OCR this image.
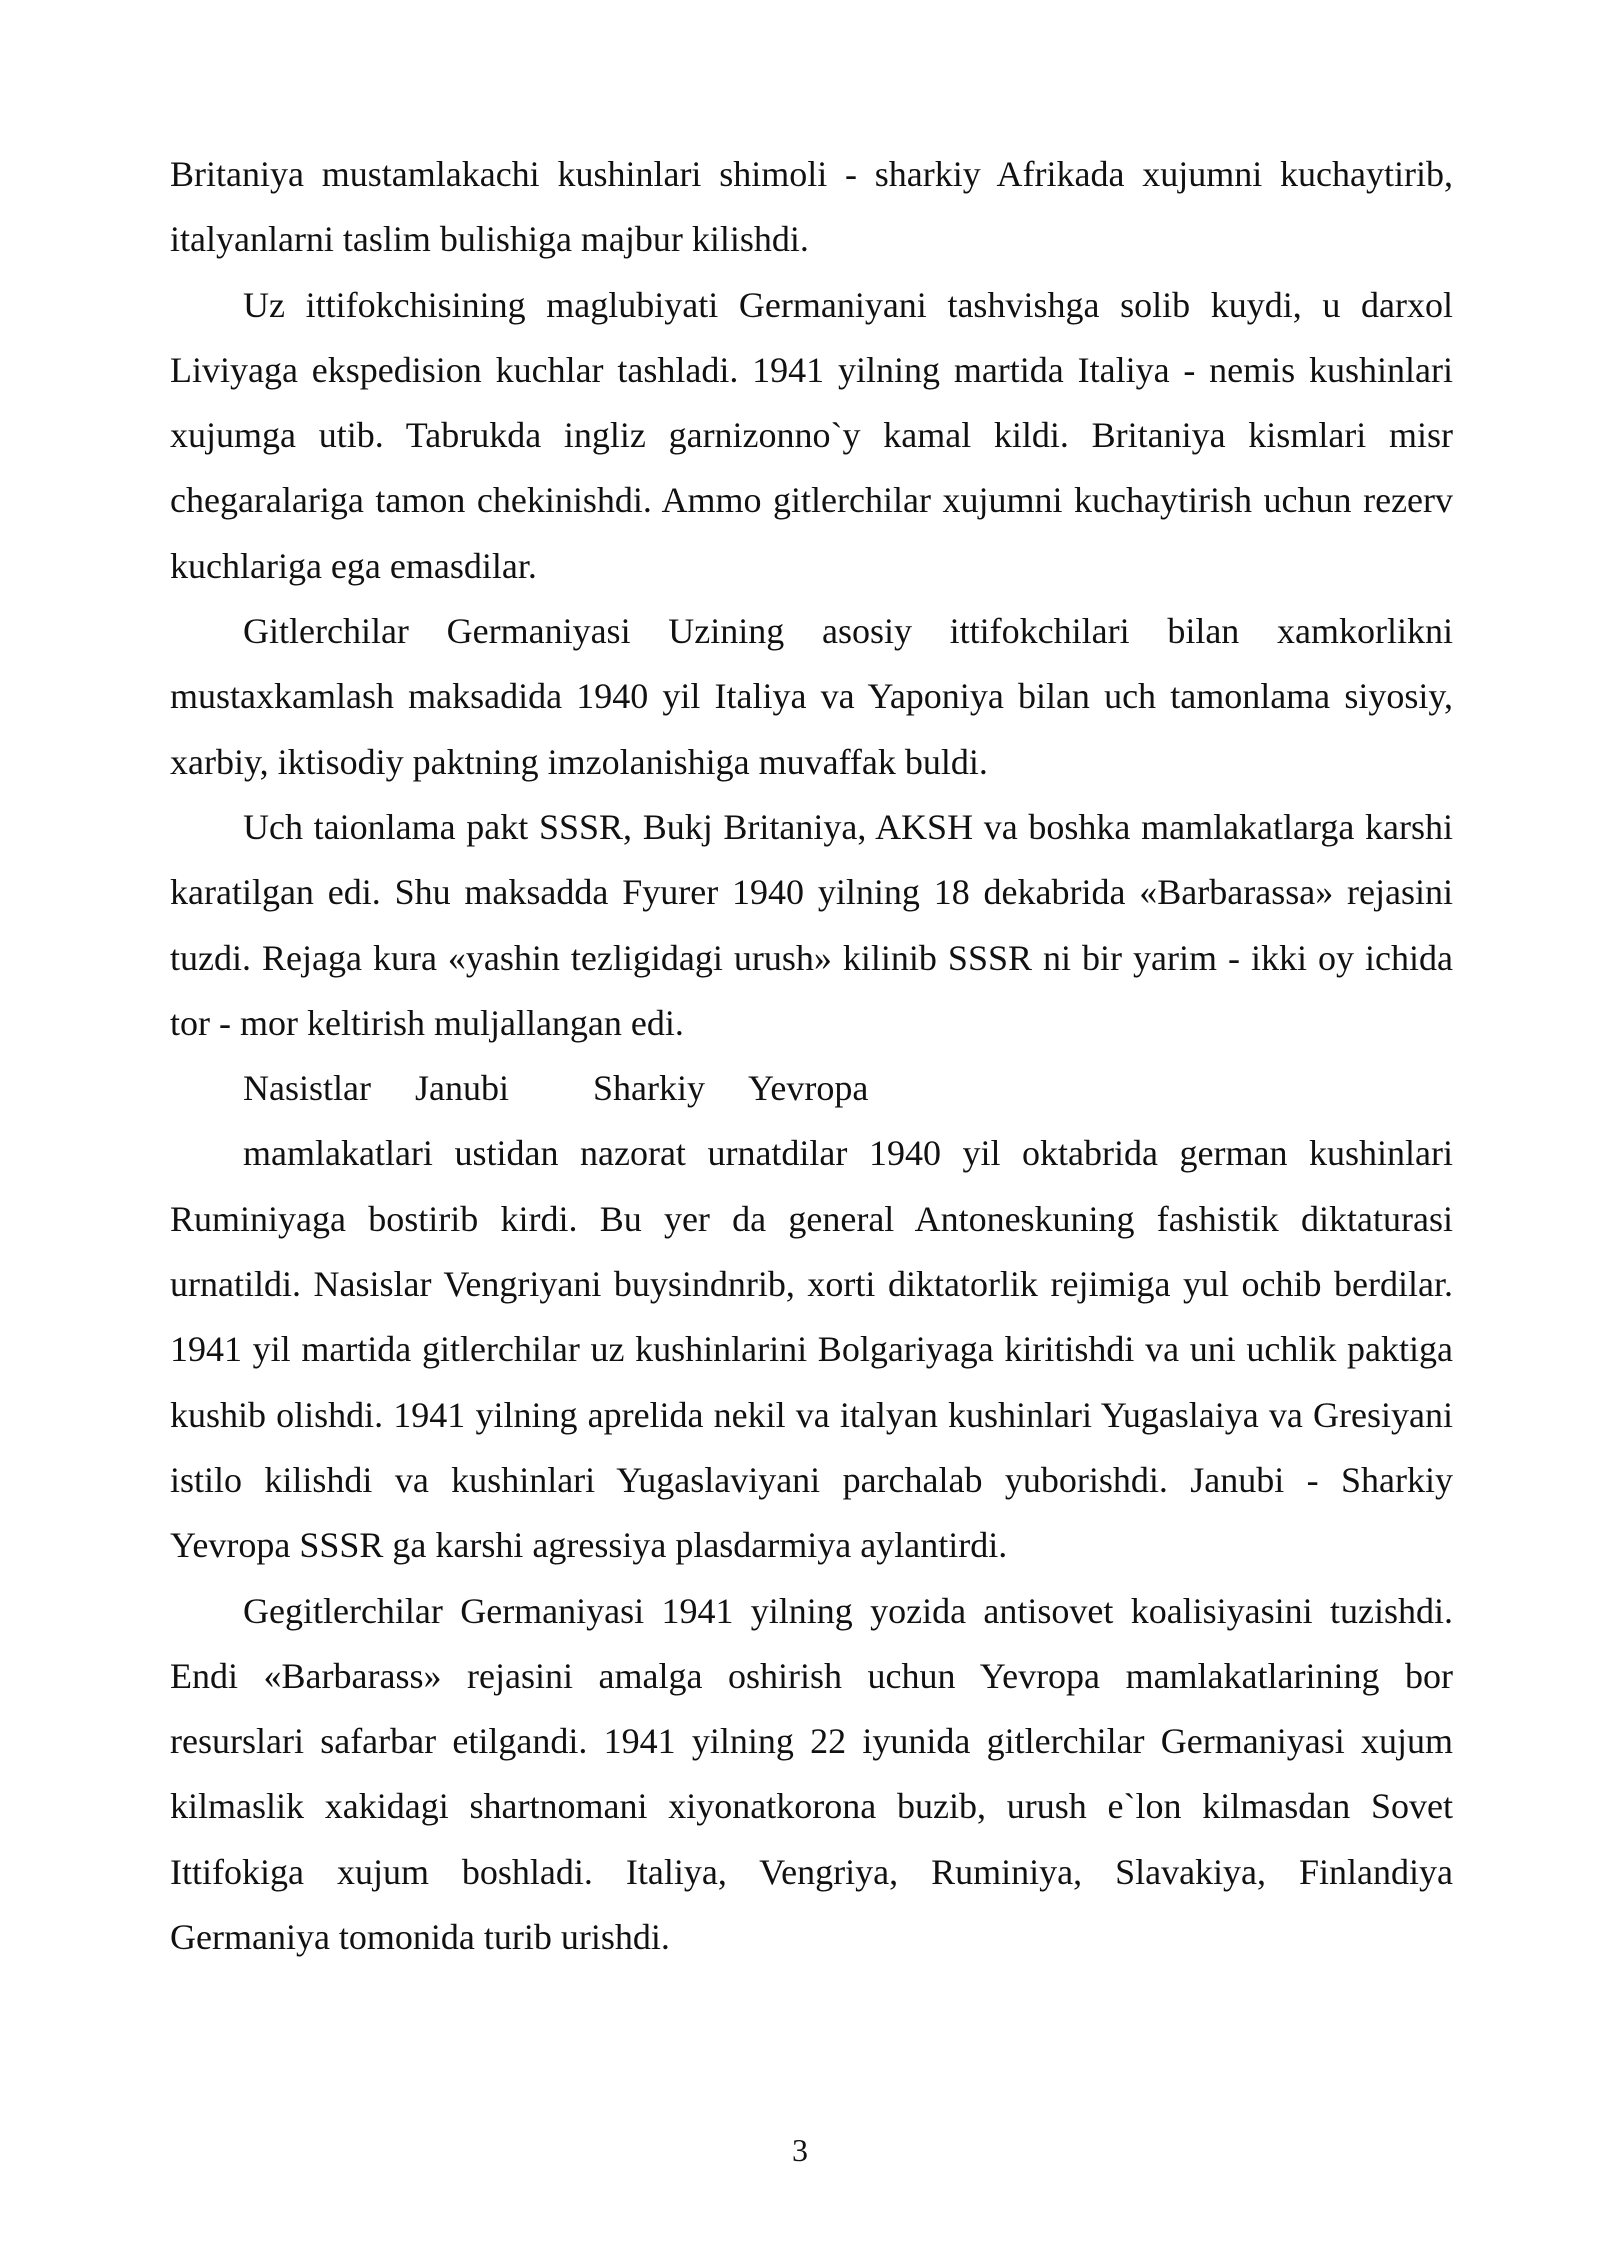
Britaniya mustamlakachi kushinlari shimoli - sharkiy Afrikada xujumni kuchaytirib, italyanlarni taslim bulishiga majbur kilishdi.

Uz ittifokchisining maglubiyati Germaniyani tashvishga solib kuydi, u darxol Liviyaga ekspedision kuchlar tashladi. 1941 yilning martida Italiya - nemis kushinlari xujumga utib. Tabrukda ingliz garnizonno`y kamal kildi. Britaniya kismlari misr chegaralariga tamon chekinishdi. Ammo gitlerchilar xujumni kuchaytirish uchun rezerv kuchlariga ega emasdilar.

Gitlerchilar Germaniyasi Uzining asosiy ittifokchilari bilan xamkorlikni mustaxkamlash maksadida 1940 yil Italiya va Yaponiya bilan uch tamonlama siyosiy, xarbiy, iktisodiy paktning imzolanishiga muvaffak buldi.

Uch taionlama pakt SSSR, Bukj Britaniya, AKSH va boshka mamlakatlarga karshi karatilgan edi. Shu maksadda Fyurer 1940 yilning 18 dekabrida «Barbarassa» rejasini tuzdi. Rejaga kura «yashin tezligidagi urush» kilinib SSSR ni bir yarim - ikki oy ichida tor - mor keltirish muljallangan edi.

Nasistlar Janubi Sharkiy Yevropa

mamlakatlari ustidan nazorat urnatdilar 1940 yil oktabrida german kushinlari Ruminiyaga bostirib kirdi. Bu yer da general Antoneskuning fashistik diktaturasi urnatildi. Nasislar Vengriyani buysindnrib, xorti diktatorlik rejimiga yul ochib berdilar. 1941 yil martida gitlerchilar uz kushinlarini Bolgariyaga kiritishdi va uni uchlik paktiga kushib olishdi. 1941 yilning aprelida nekil va italyan kushinlari Yugaslaiya va Gresiyani istilo kilishdi va kushinlari Yugaslaviyani parchalab yuborishdi. Janubi - Sharkiy Yevropa SSSR ga karshi agressiya plasdarmiya aylantirdi.

Gegitlerchilar Germaniyasi 1941 yilning yozida antisovet koalisiyasini tuzishdi. Endi «Barbarass» rejasini amalga oshirish uchun Yevropa mamlakatlarining bor resurslari safarbar etilgandi. 1941 yilning 22 iyunida gitlerchilar Germaniyasi xujum kilmaslik xakidagi shartnomani xiyonatkorona buzib, urush e`lon kilmasdan Sovet Ittifokiga xujum boshladi. Italiya, Vengriya, Ruminiya, Slavakiya, Finlandiya Germaniya tomonida turib urishdi.

3
